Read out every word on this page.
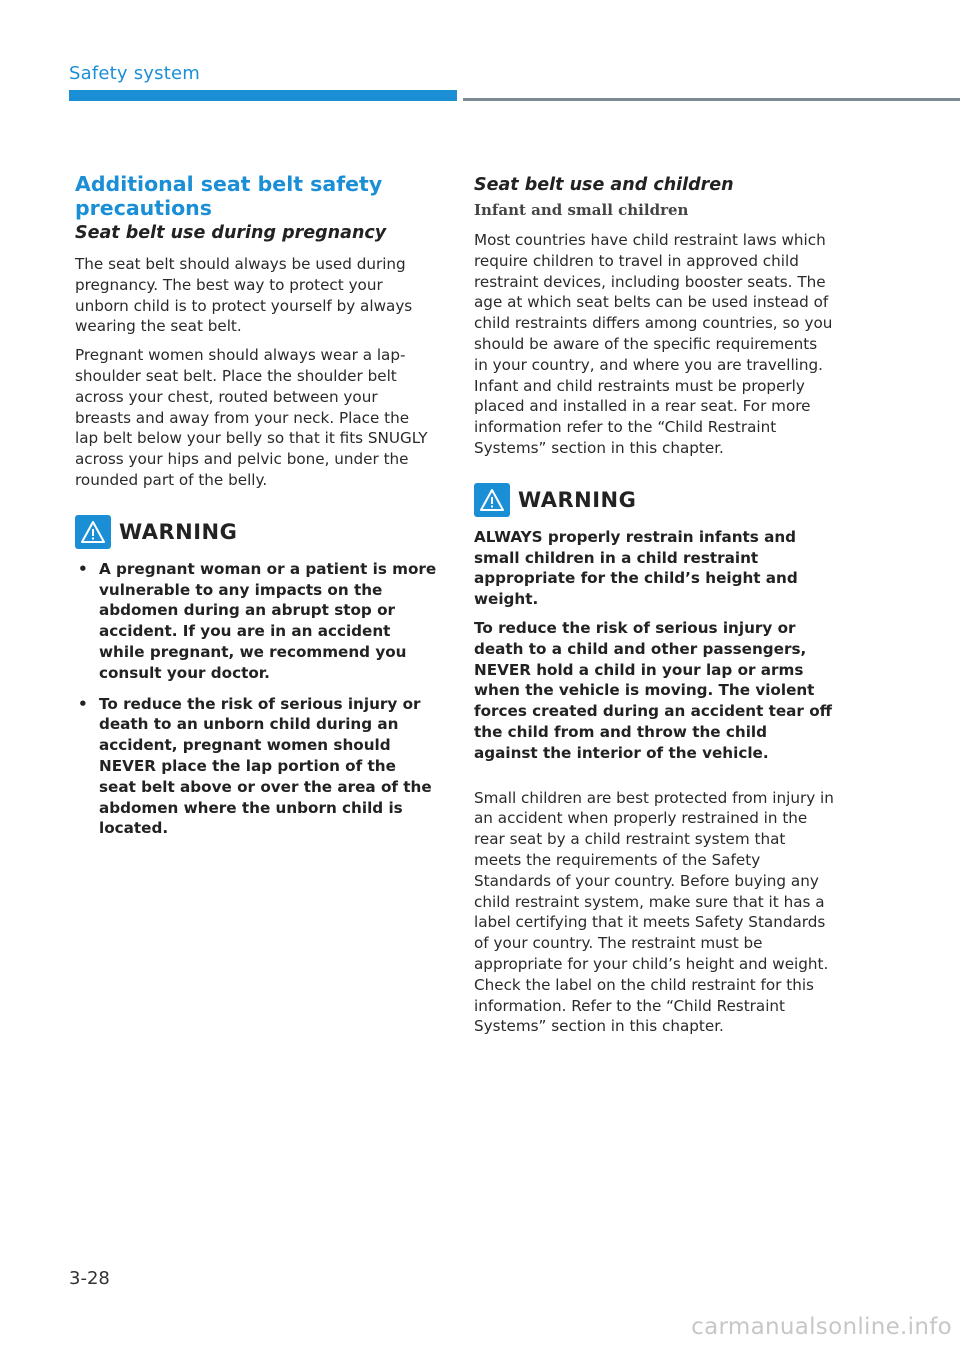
Safety system
Additional seat belt safety precautions
Seat belt use during pregnancy

The seat belt should always be used during pregnancy. The best way to protect your unborn child is to protect yourself by always wearing the seat belt.

Pregnant women should always wear a lap-shoulder seat belt. Place the shoulder belt across your chest, routed between your breasts and away from your neck. Place the lap belt below your belly so that it fits SNUGLY across your hips and pelvic bone, under the rounded part of the belly.

WARNING
• A pregnant woman or a patient is more vulnerable to any impacts on the abdomen during an abrupt stop or accident. If you are in an accident while pregnant, we recommend you consult your doctor.
• To reduce the risk of serious injury or death to an unborn child during an accident, pregnant women should NEVER place the lap portion of the seat belt above or over the area of the abdomen where the unborn child is located.
Seat belt use and children
Infant and small children

Most countries have child restraint laws which require children to travel in approved child restraint devices, including booster seats. The age at which seat belts can be used instead of child restraints differs among countries, so you should be aware of the specific requirements in your country, and where you are travelling. Infant and child restraints must be properly placed and installed in a rear seat. For more information refer to the “Child Restraint Systems” section in this chapter.

WARNING

ALWAYS properly restrain infants and small children in a child restraint appropriate for the child’s height and weight.

To reduce the risk of serious injury or death to a child and other passengers, NEVER hold a child in your lap or arms when the vehicle is moving. The violent forces created during an accident tear off the child from and throw the child against the interior of the vehicle.

Small children are best protected from injury in an accident when properly restrained in the rear seat by a child restraint system that meets the requirements of the Safety Standards of your country. Before buying any child restraint system, make sure that it has a label certifying that it meets Safety Standards of your country. The restraint must be appropriate for your child’s height and weight. Check the label on the child restraint for this information. Refer to the “Child Restraint Systems” section in this chapter.

3-28
carmanualsonline.info
